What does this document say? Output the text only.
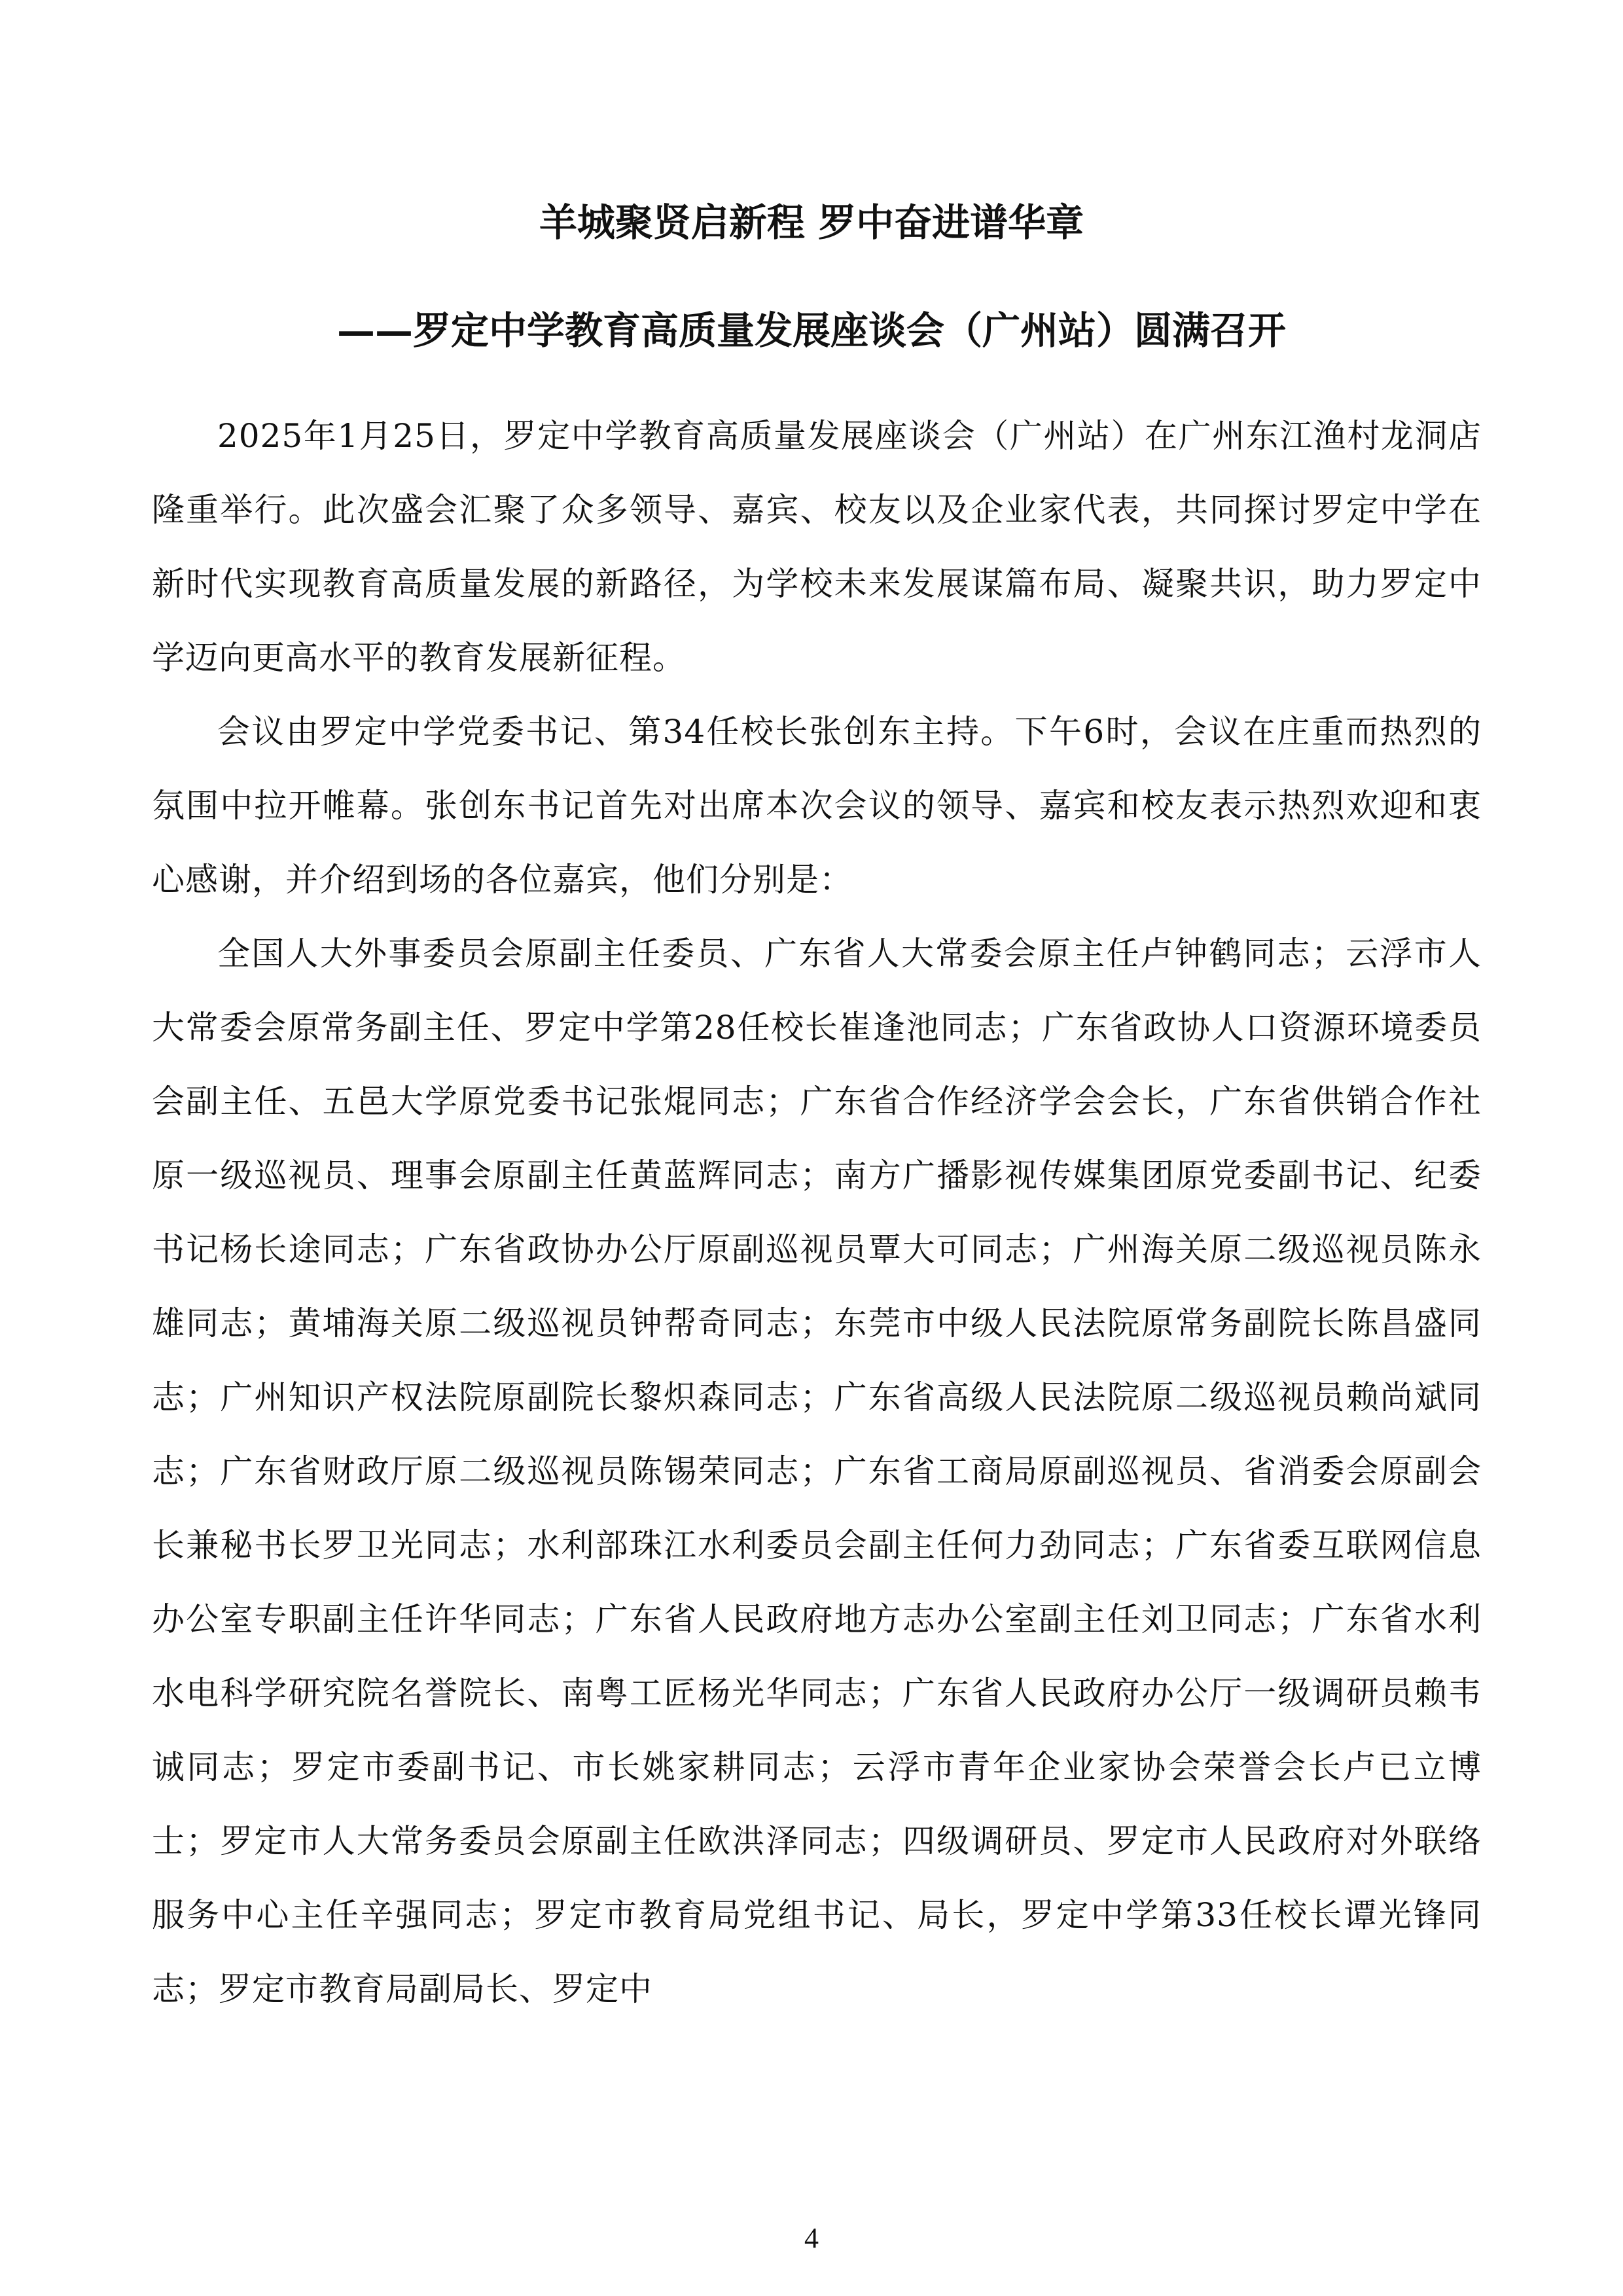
羊城聚贤启新程 罗中奋进谱华章
——罗定中学教育高质量发展座谈会（广州站）圆满召开

2025年1月25日，罗定中学教育高质量发展座谈会（广州站）在广州东江渔村龙洞店隆重举行。此次盛会汇聚了众多领导、嘉宾、校友以及企业家代表，共同探讨罗定中学在新时代实现教育高质量发展的新路径，为学校未来发展谋篇布局、凝聚共识，助力罗定中学迈向更高水平的教育发展新征程。

会议由罗定中学党委书记、第34任校长张创东主持。下午6时，会议在庄重而热烈的氛围中拉开帷幕。张创东书记首先对出席本次会议的领导、嘉宾和校友表示热烈欢迎和衷心感谢，并介绍到场的各位嘉宾，他们分别是：

全国人大外事委员会原副主任委员、广东省人大常委会原主任卢钟鹤同志；云浮市人大常委会原常务副主任、罗定中学第28任校长崔逢池同志；广东省政协人口资源环境委员会副主任、五邑大学原党委书记张焜同志；广东省合作经济学会会长，广东省供销合作社原一级巡视员、理事会原副主任黄蓝辉同志；南方广播影视传媒集团原党委副书记、纪委书记杨长途同志；广东省政协办公厅原副巡视员覃大可同志；广州海关原二级巡视员陈永雄同志；黄埔海关原二级巡视员钟帮奇同志；东莞市中级人民法院原常务副院长陈昌盛同志；广州知识产权法院原副院长黎炽森同志；广东省高级人民法院原二级巡视员赖尚斌同志；广东省财政厅原二级巡视员陈锡荣同志；广东省工商局原副巡视员、省消委会原副会长兼秘书长罗卫光同志；水利部珠江水利委员会副主任何力劲同志；广东省委互联网信息办公室专职副主任许华同志；广东省人民政府地方志办公室副主任刘卫同志；广东省水利水电科学研究院名誉院长、南粤工匠杨光华同志；广东省人民政府办公厅一级调研员赖韦诚同志；罗定市委副书记、市长姚家耕同志；云浮市青年企业家协会荣誉会长卢已立博士；罗定市人大常务委员会原副主任欧洪泽同志；四级调研员、罗定市人民政府对外联络服务中心主任辛强同志；罗定市教育局党组书记、局长，罗定中学第33任校长谭光锋同志；罗定市教育局副局长、罗定中

4
